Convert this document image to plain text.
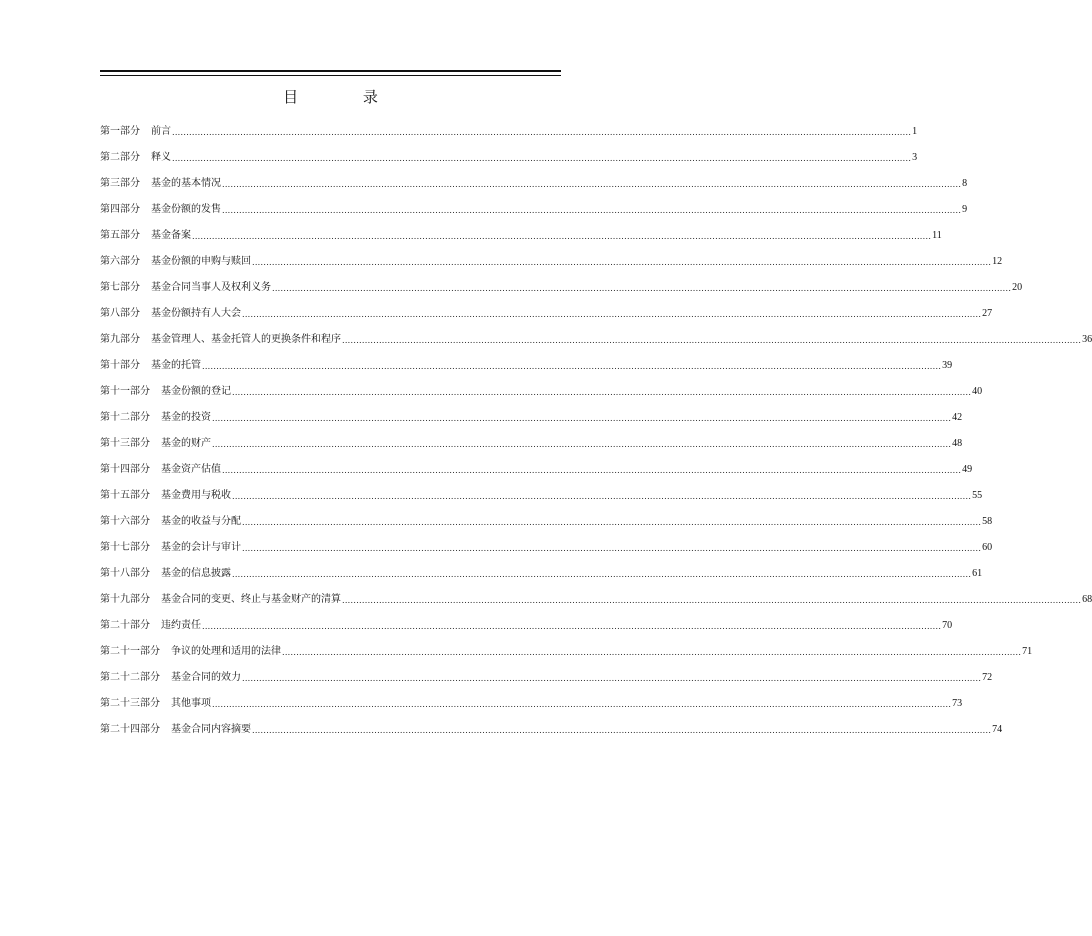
目 录
第一部分 前言 .................................................................................................................................................................................................................................................................... 1
第二部分 释义 .................................................................................................................................................................................................................................................................... 3
第三部分 基金的基本情况 .................................................................................................................................................................................................................................................................... 8
第四部分 基金份额的发售 .................................................................................................................................................................................................................................................................... 9
第五部分 基金备案 .................................................................................................................................................................................................................................................................... 11
第六部分 基金份额的申购与赎回 .................................................................................................................................................................................................................................................................... 12
第七部分 基金合同当事人及权利义务 .................................................................................................................................................................................................................................................................... 20
第八部分 基金份额持有人大会 .................................................................................................................................................................................................................................................................... 27
第九部分 基金管理人、基金托管人的更换条件和程序 .................................................................................................................................................................................................................................................................... 36
第十部分 基金的托管 .................................................................................................................................................................................................................................................................... 39
第十一部分 基金份额的登记 .................................................................................................................................................................................................................................................................... 40
第十二部分 基金的投资 .................................................................................................................................................................................................................................................................... 42
第十三部分 基金的财产 .................................................................................................................................................................................................................................................................... 48
第十四部分 基金资产估值 .................................................................................................................................................................................................................................................................... 49
第十五部分 基金费用与税收 .................................................................................................................................................................................................................................................................... 55
第十六部分 基金的收益与分配 .................................................................................................................................................................................................................................................................... 58
第十七部分 基金的会计与审计 .................................................................................................................................................................................................................................................................... 60
第十八部分 基金的信息披露 .................................................................................................................................................................................................................................................................... 61
第十九部分 基金合同的变更、终止与基金财产的清算 .................................................................................................................................................................................................................................................................... 68
第二十部分 违约责任 .................................................................................................................................................................................................................................................................... 70
第二十一部分 争议的处理和适用的法律 .................................................................................................................................................................................................................................................................... 71
第二十二部分 基金合同的效力 .................................................................................................................................................................................................................................................................... 72
第二十三部分 其他事项 .................................................................................................................................................................................................................................................................... 73
第二十四部分 基金合同内容摘要 .................................................................................................................................................................................................................................................................... 74
